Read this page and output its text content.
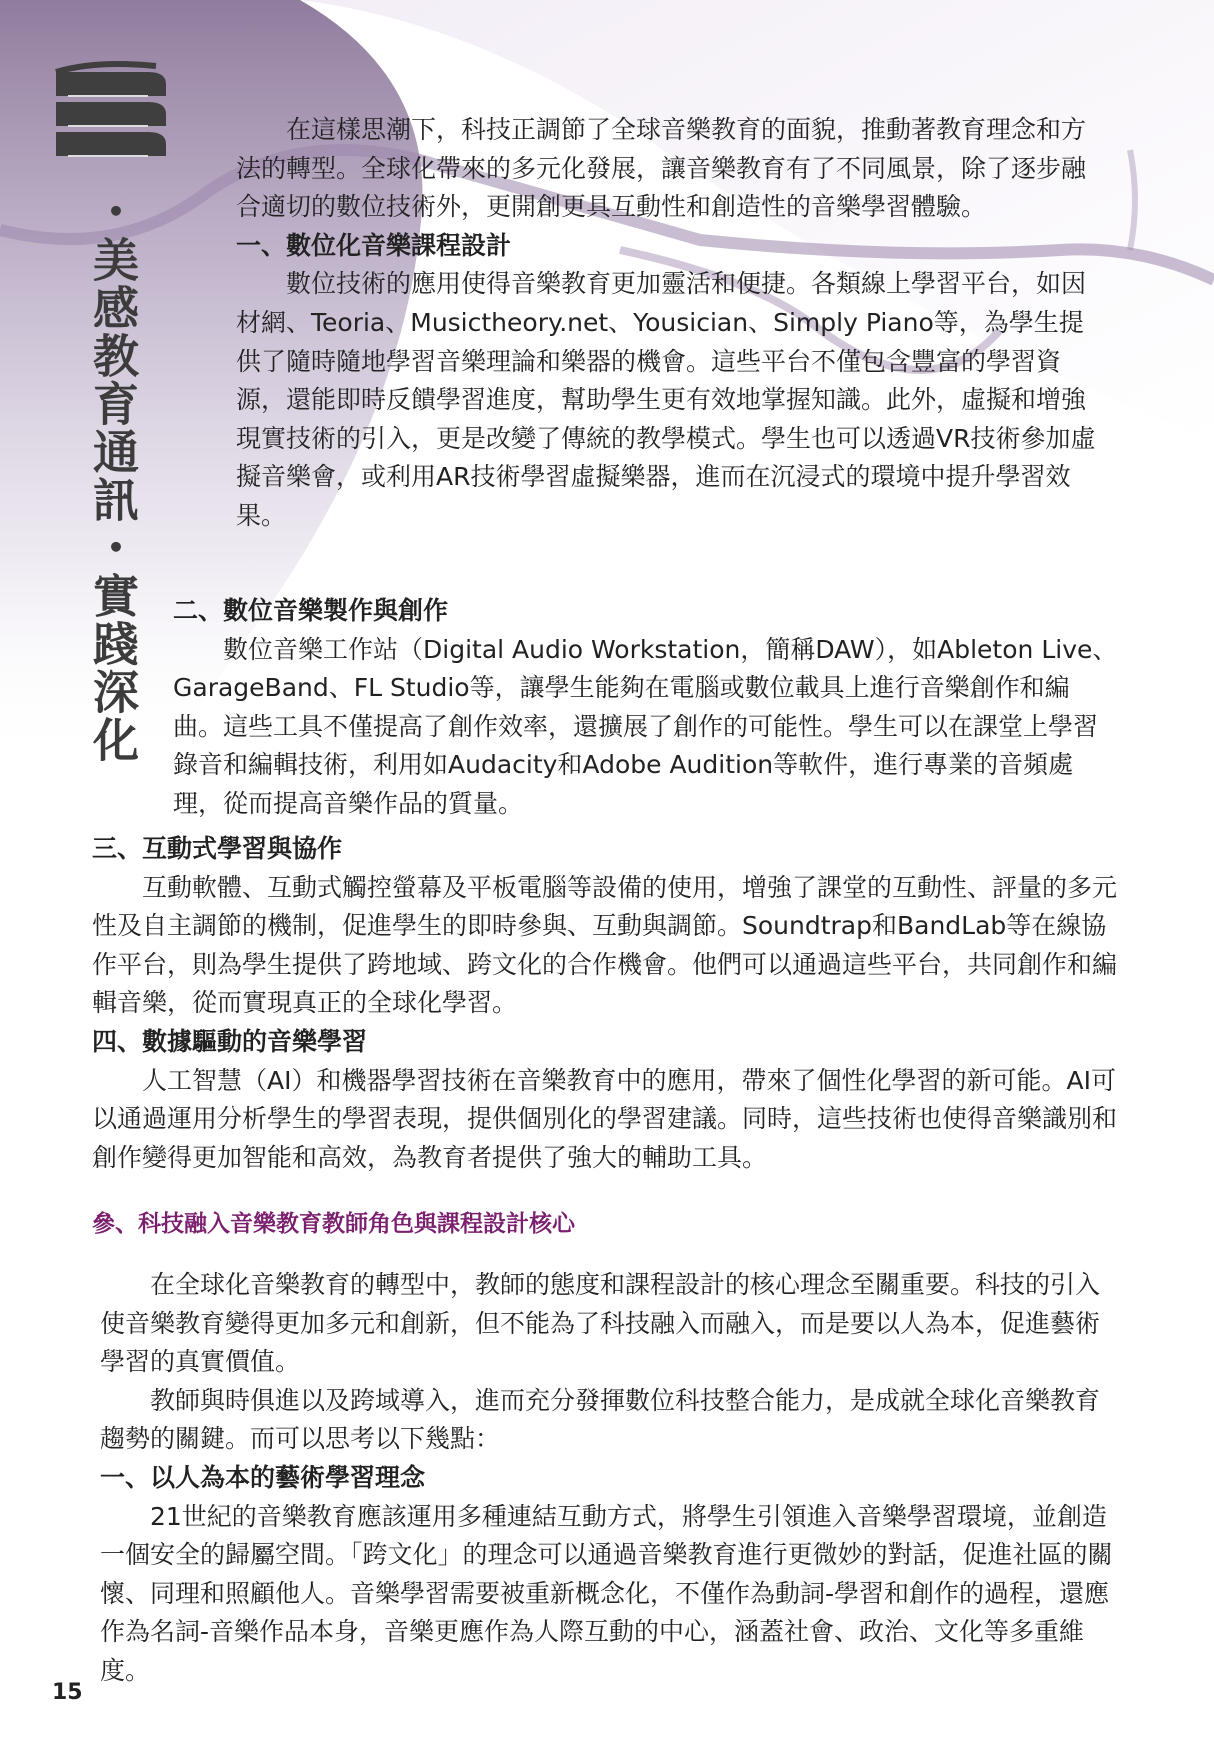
・美感教育通訊・實踐深化

在這樣思潮下，科技正調節了全球音樂教育的面貌，推動著教育理念和方法的轉型。全球化帶來的多元化發展，讓音樂教育有了不同風景，除了逐步融合適切的數位技術外，更開創更具互動性和創造性的音樂學習體驗。

一、數位化音樂課程設計

數位技術的應用使得音樂教育更加靈活和便捷。各類線上學習平台，如因材網、Teoria、Musictheory.net、Yousician、Simply Piano等，為學生提供了隨時隨地學習音樂理論和樂器的機會。這些平台不僅包含豐富的學習資源，還能即時反饋學習進度，幫助學生更有效地掌握知識。此外，虛擬和增強現實技術的引入，更是改變了傳統的教學模式。學生也可以透過VR技術參加虛擬音樂會，或利用AR技術學習虛擬樂器，進而在沉浸式的環境中提升學習效果。

二、數位音樂製作與創作

數位音樂工作站（Digital Audio Workstation，簡稱DAW），如Ableton Live、GarageBand、FL Studio等，讓學生能夠在電腦或數位載具上進行音樂創作和編曲。這些工具不僅提高了創作效率，還擴展了創作的可能性。學生可以在課堂上學習錄音和編輯技術，利用如Audacity和Adobe Audition等軟件，進行專業的音頻處理，從而提高音樂作品的質量。

三、互動式學習與協作

互動軟體、互動式觸控螢幕及平板電腦等設備的使用，增強了課堂的互動性、評量的多元性及自主調節的機制，促進學生的即時參與、互動與調節。Soundtrap和BandLab等在線協作平台，則為學生提供了跨地域、跨文化的合作機會。他們可以通過這些平台，共同創作和編輯音樂，從而實現真正的全球化學習。

四、數據驅動的音樂學習

人工智慧（AI）和機器學習技術在音樂教育中的應用，帶來了個性化學習的新可能。AI可以通過運用分析學生的學習表現，提供個別化的學習建議。同時，這些技術也使得音樂識別和創作變得更加智能和高效，為教育者提供了強大的輔助工具。

參、科技融入音樂教育教師角色與課程設計核心

在全球化音樂教育的轉型中，教師的態度和課程設計的核心理念至關重要。科技的引入使音樂教育變得更加多元和創新，但不能為了科技融入而融入，而是要以人為本，促進藝術學習的真實價值。

教師與時俱進以及跨域導入，進而充分發揮數位科技整合能力，是成就全球化音樂教育趨勢的關鍵。而可以思考以下幾點：

一、以人為本的藝術學習理念

21世紀的音樂教育應該運用多種連結互動方式，將學生引領進入音樂學習環境，並創造一個安全的歸屬空間。「跨文化」的理念可以通過音樂教育進行更微妙的對話，促進社區的關懷、同理和照顧他人。音樂學習需要被重新概念化，不僅作為動詞-學習和創作的過程，還應作為名詞-音樂作品本身，音樂更應作為人際互動的中心，涵蓋社會、政治、文化等多重維度。

15
